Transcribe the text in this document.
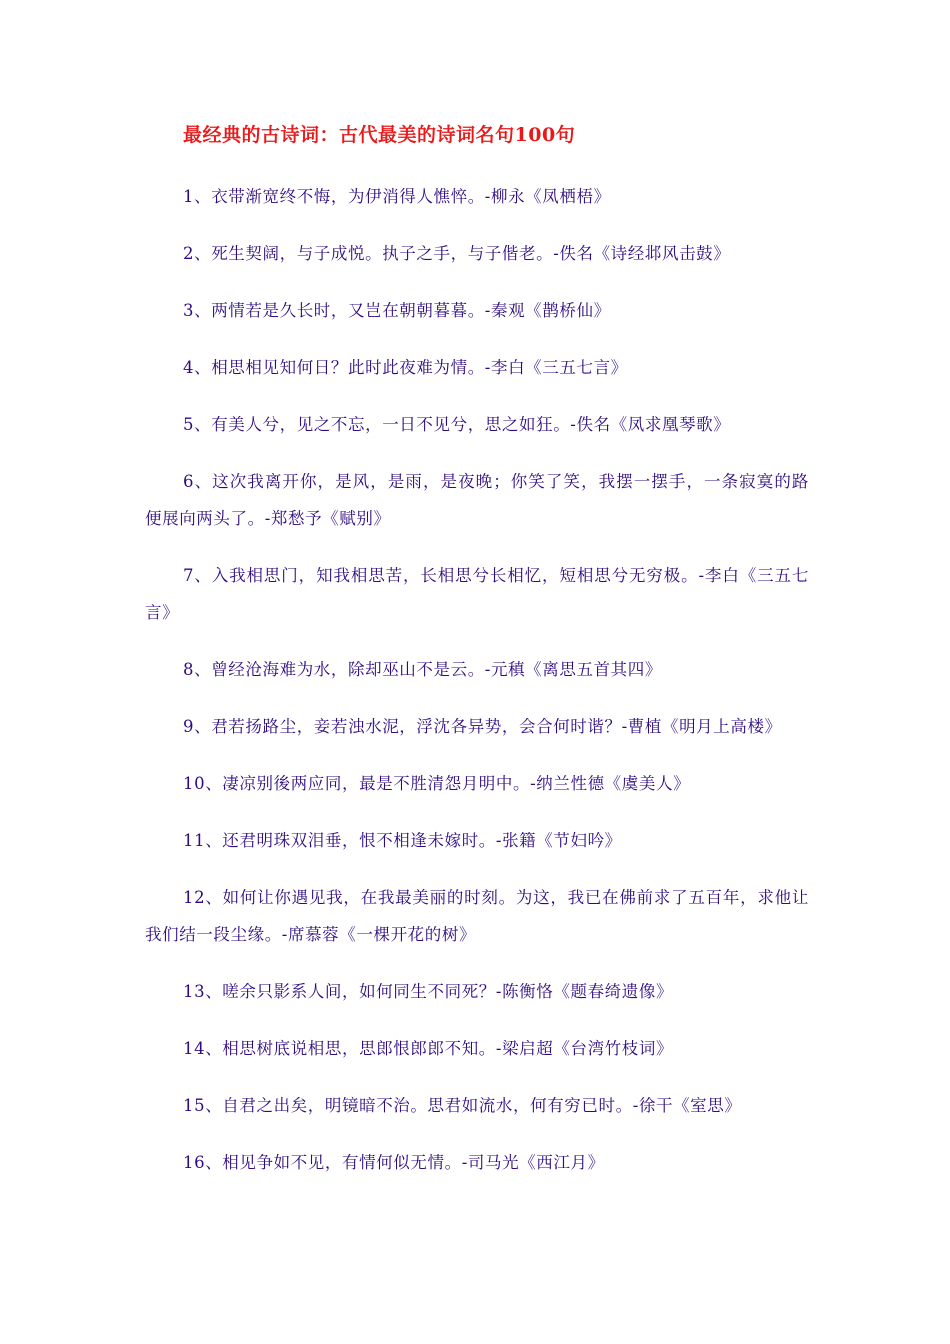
最经典的古诗词：古代最美的诗词名句100句

1、衣带渐宽终不悔，为伊消得人憔悴。-柳永《凤栖梧》

2、死生契阔，与子成悦。执子之手，与子偕老。-佚名《诗经邶风击鼓》

3、两情若是久长时，又岂在朝朝暮暮。-秦观《鹊桥仙》

4、相思相见知何日？此时此夜难为情。-李白《三五七言》

5、有美人兮，见之不忘，一日不见兮，思之如狂。-佚名《凤求凰琴歌》

6、这次我离开你，是风，是雨，是夜晚；你笑了笑，我摆一摆手，一条寂寞的路便展向两头了。-郑愁予《赋别》

7、入我相思门，知我相思苦，长相思兮长相忆，短相思兮无穷极。-李白《三五七言》

8、曾经沧海难为水，除却巫山不是云。-元稹《离思五首其四》

9、君若扬路尘，妾若浊水泥，浮沈各异势，会合何时谐？-曹植《明月上高楼》

10、凄凉别後两应同，最是不胜清怨月明中。-纳兰性德《虞美人》

11、还君明珠双泪垂，恨不相逢未嫁时。-张籍《节妇吟》

12、如何让你遇见我，在我最美丽的时刻。为这，我已在佛前求了五百年，求他让我们结一段尘缘。-席慕蓉《一棵开花的树》

13、嗟余只影系人间，如何同生不同死？-陈衡恪《题春绮遗像》

14、相思树底说相思，思郎恨郎郎不知。-梁启超《台湾竹枝词》

15、自君之出矣，明镜暗不治。思君如流水，何有穷已时。-徐干《室思》

16、相见争如不见，有情何似无情。-司马光《西江月》
